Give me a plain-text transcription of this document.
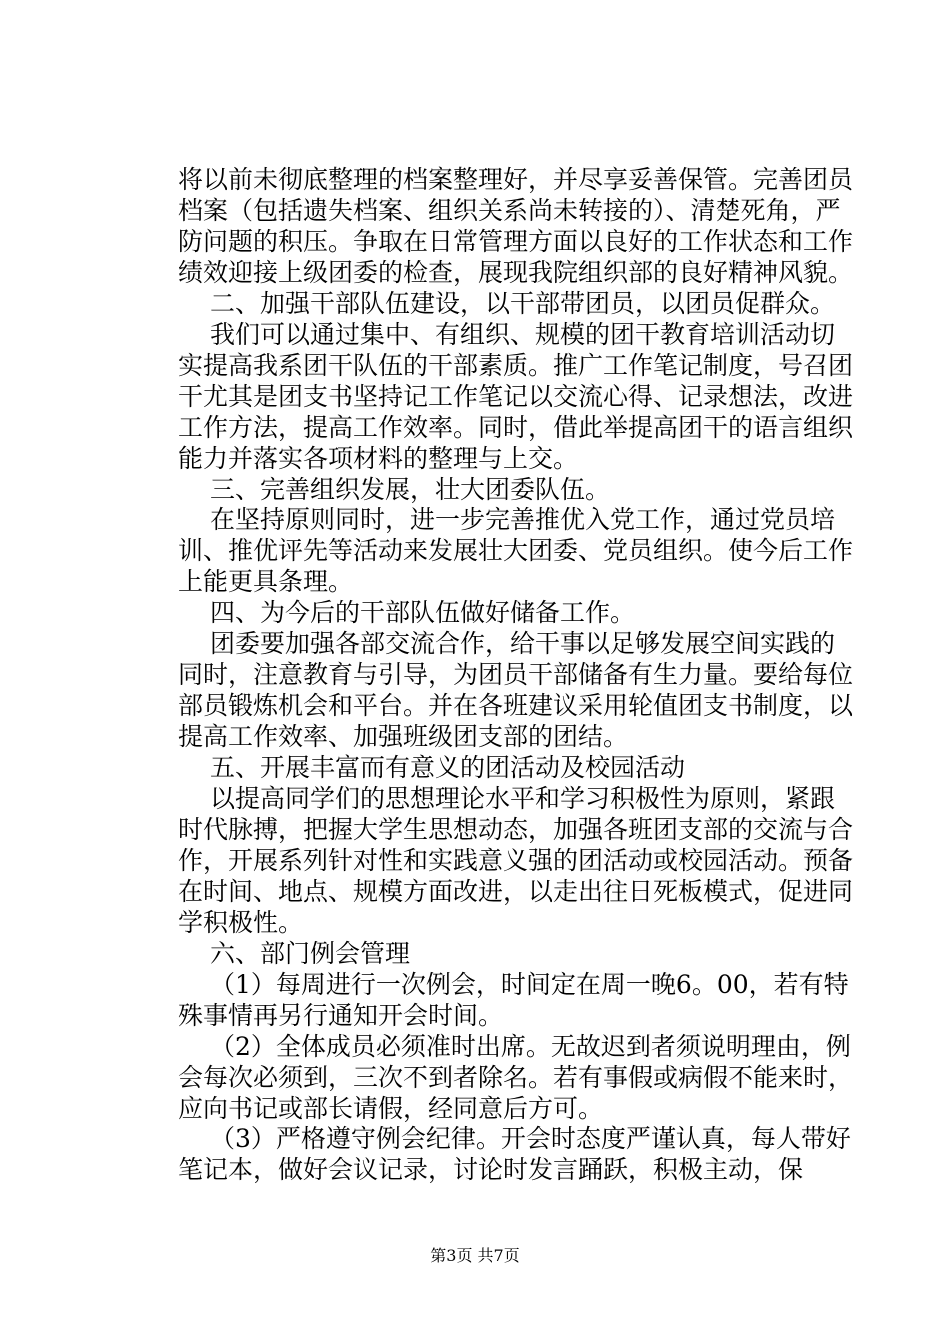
将以前未彻底整理的档案整理好，并尽享妥善保管。完善团员
档案（包括遗失档案、组织关系尚未转接的）、清楚死角，严
防问题的积压。争取在日常管理方面以良好的工作状态和工作
绩效迎接上级团委的检查，展现我院组织部的良好精神风貌。
二、加强干部队伍建设，以干部带团员，以团员促群众。
我们可以通过集中、有组织、规模的团干教育培训活动切
实提高我系团干队伍的干部素质。推广工作笔记制度，号召团
干尤其是团支书坚持记工作笔记以交流心得、记录想法，改进
工作方法，提高工作效率。同时，借此举提高团干的语言组织
能力并落实各项材料的整理与上交。
三、完善组织发展，壮大团委队伍。
在坚持原则同时，进一步完善推优入党工作，通过党员培
训、推优评先等活动来发展壮大团委、党员组织。使今后工作
上能更具条理。
四、为今后的干部队伍做好储备工作。
团委要加强各部交流合作，给干事以足够发展空间实践的
同时，注意教育与引导，为团员干部储备有生力量。要给每位
部员锻炼机会和平台。并在各班建议采用轮值团支书制度，以
提高工作效率、加强班级团支部的团结。
五、开展丰富而有意义的团活动及校园活动
以提高同学们的思想理论水平和学习积极性为原则，紧跟
时代脉搏，把握大学生思想动态，加强各班团支部的交流与合
作，开展系列针对性和实践意义强的团活动或校园活动。预备
在时间、地点、规模方面改进，以走出往日死板模式，促进同
学积极性。
六、部门例会管理
（1）每周进行一次例会，时间定在周一晚6。00，若有特
殊事情再另行通知开会时间。
（2）全体成员必须准时出席。无故迟到者须说明理由，例
会每次必须到，三次不到者除名。若有事假或病假不能来时，
应向书记或部长请假，经同意后方可。
（3）严格遵守例会纪律。开会时态度严谨认真，每人带好
笔记本，做好会议记录，讨论时发言踊跃，积极主动，保
第3页 共7页
